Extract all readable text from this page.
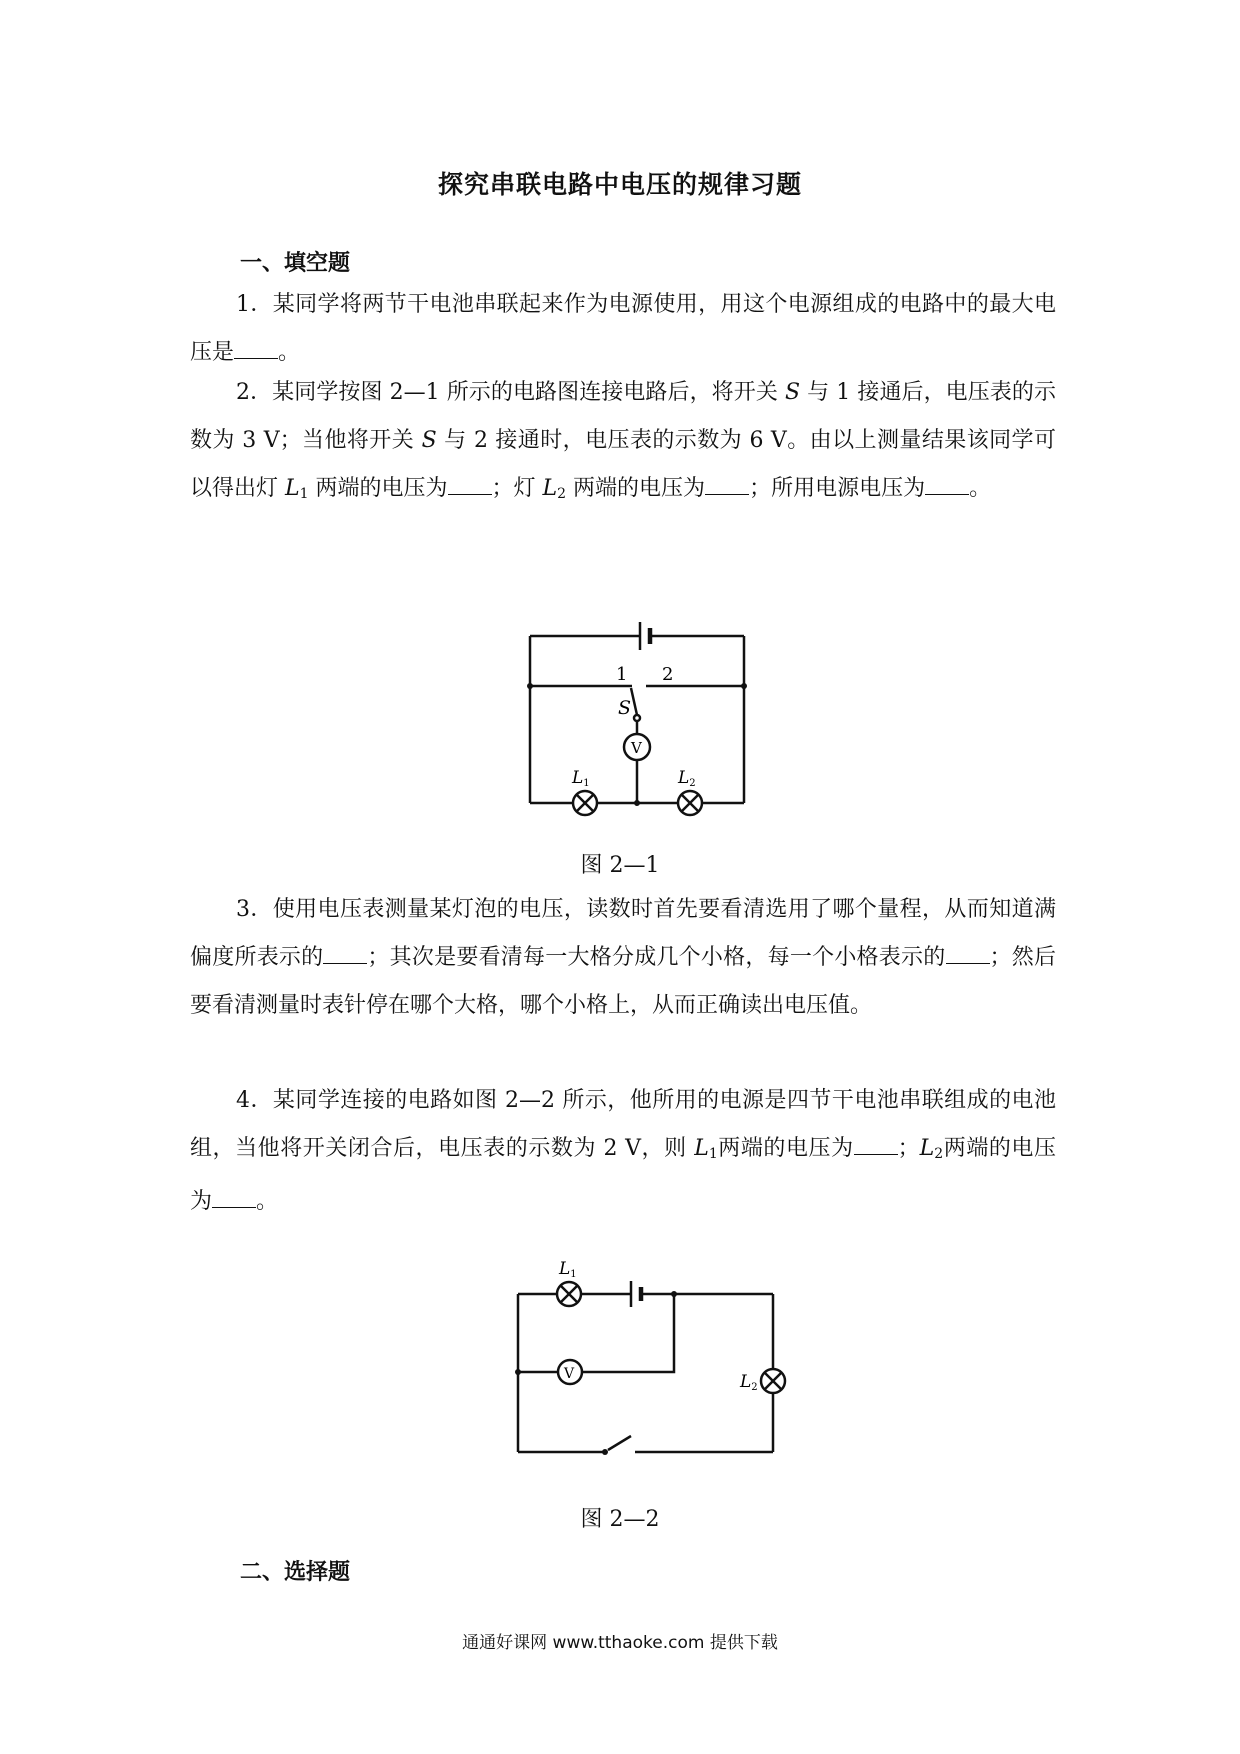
探究串联电路中电压的规律习题
一、填空题
1．某同学将两节干电池串联起来作为电源使用，用这个电源组成的电路中的最大电压是 。
2．某同学按图 2—1 所示的电路图连接电路后，将开关 S 与 1 接通后，电压表的示数为 3 V；当他将开关 S 与 2 接通时，电压表的示数为 6 V。由以上测量结果该同学可以得出灯 $L_1$ 两端的电压为 ；灯 $L_2$ 两端的电压为 ；所用电源电压为 。
1 2
S
V
L1	L2
图 2—1
3．使用电压表测量某灯泡的电压，读数时首先要看清选用了哪个量程，从而知道满偏度所表示的 ；其次是要看清每一大格分成几个小格，每一个小格表示的 ；然后要看清测量时表针停在哪个大格，哪个小格上，从而正确读出电压值。
4．某同学连接的电路如图 2—2 所示，他所用的电源是四节干电池串联组成的电池组，当他将开关闭合后，电压表的示数为 2 V，则 $L_1$两端的电压为 ；$L_2$两端的电压为 。
V
L1
L2
图 2—2
二、选择题
通通好课网 www.tthaoke.com 提供下载
